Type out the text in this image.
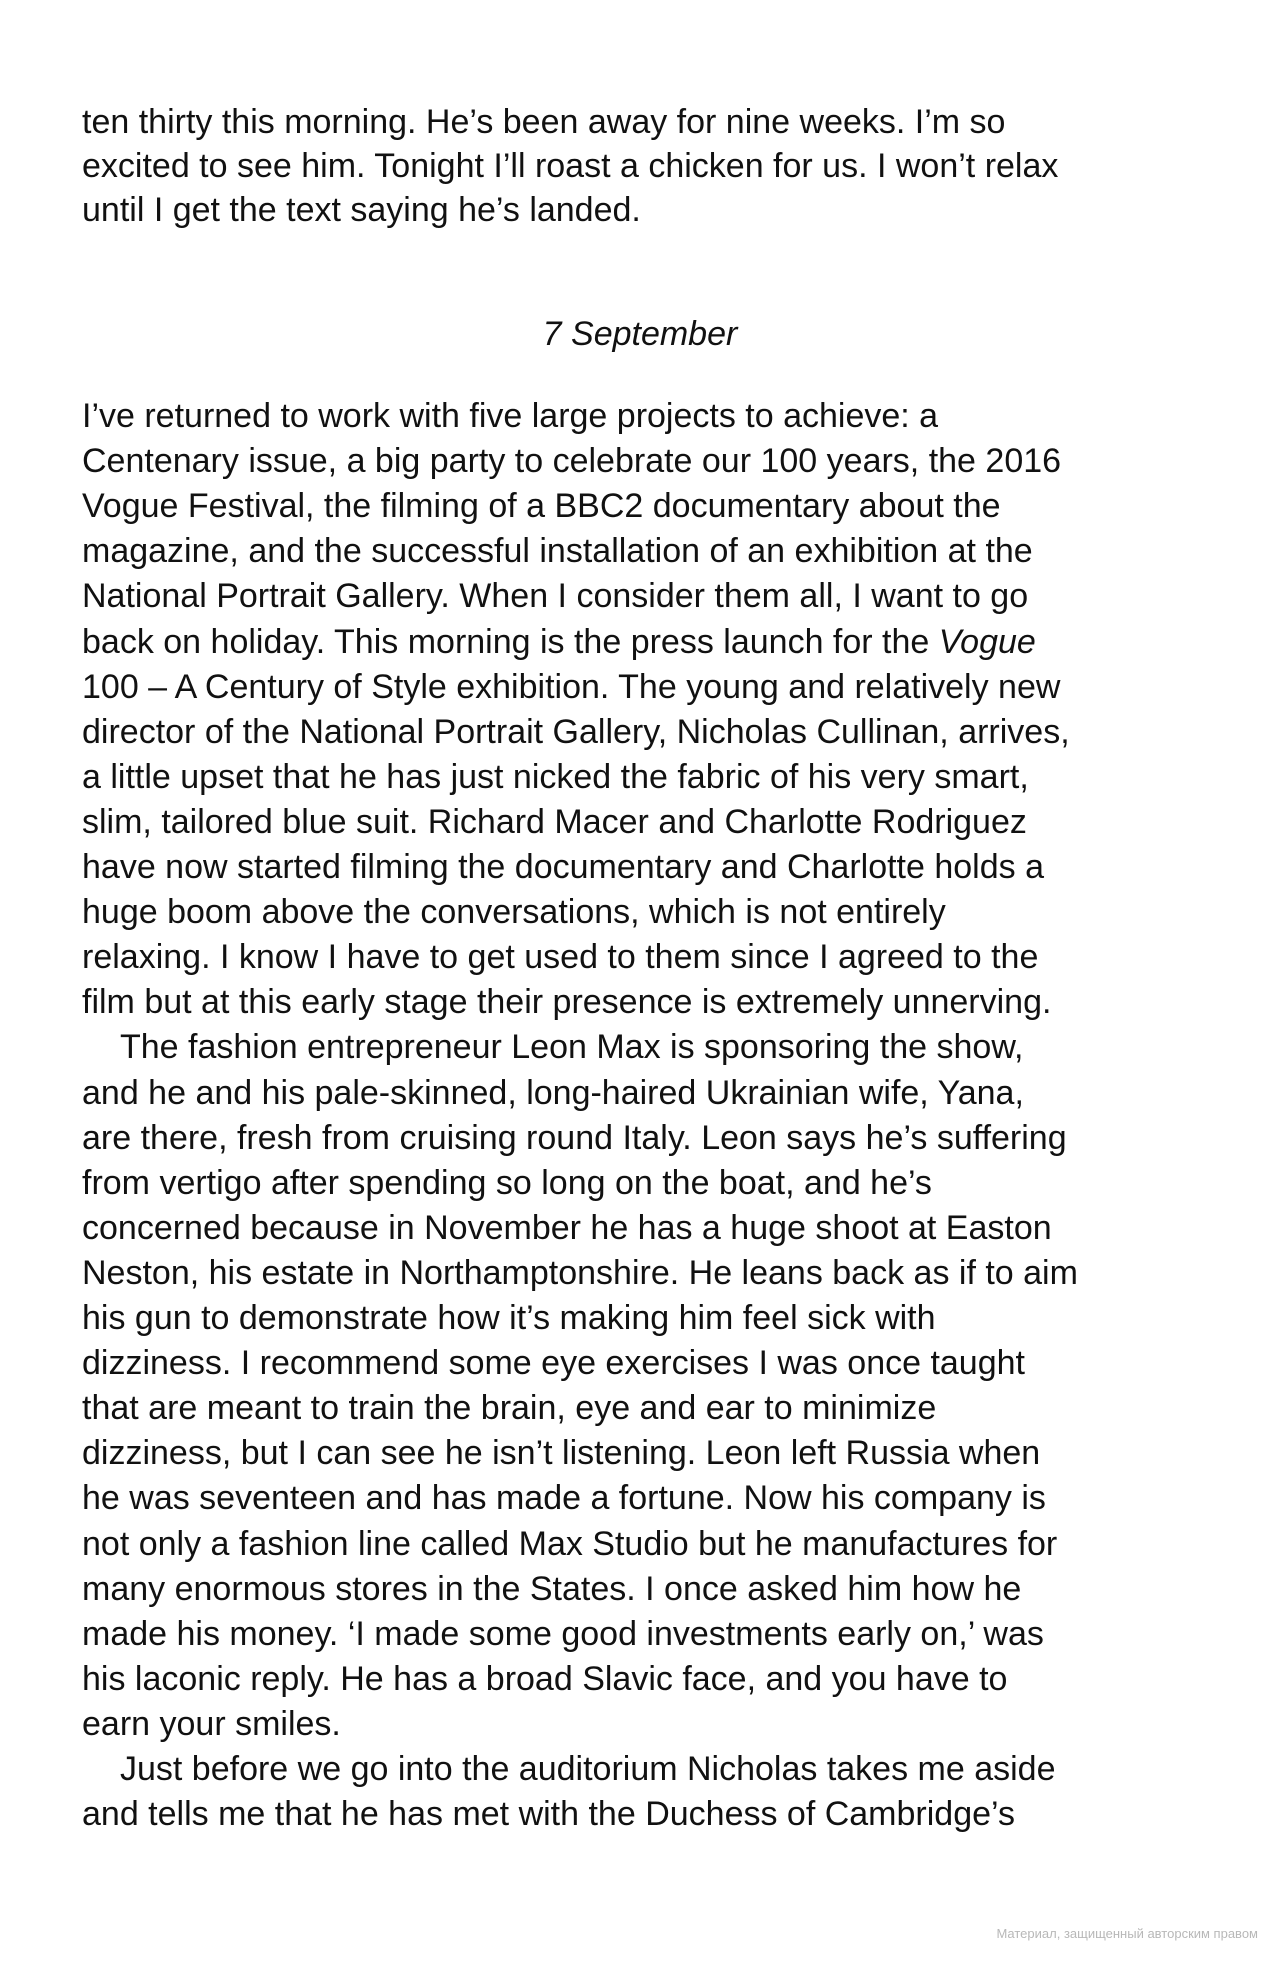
ten thirty this morning. He’s been away for nine weeks. I’m so
excited to see him. Tonight I’ll roast a chicken for us. I won’t relax
until I get the text saying he’s landed.
7 September
I’ve returned to work with five large projects to achieve: a
Centenary issue, a big party to celebrate our 100 years, the 2016
Vogue Festival, the filming of a BBC2 documentary about the
magazine, and the successful installation of an exhibition at the
National Portrait Gallery. When I consider them all, I want to go
back on holiday. This morning is the press launch for the Vogue
100 – A Century of Style exhibition. The young and relatively new
director of the National Portrait Gallery, Nicholas Cullinan, arrives,
a little upset that he has just nicked the fabric of his very smart,
slim, tailored blue suit. Richard Macer and Charlotte Rodriguez
have now started filming the documentary and Charlotte holds a
huge boom above the conversations, which is not entirely
relaxing. I know I have to get used to them since I agreed to the
film but at this early stage their presence is extremely unnerving.
The fashion entrepreneur Leon Max is sponsoring the show,
and he and his pale-skinned, long-haired Ukrainian wife, Yana,
are there, fresh from cruising round Italy. Leon says he’s suffering
from vertigo after spending so long on the boat, and he’s
concerned because in November he has a huge shoot at Easton
Neston, his estate in Northamptonshire. He leans back as if to aim
his gun to demonstrate how it’s making him feel sick with
dizziness. I recommend some eye exercises I was once taught
that are meant to train the brain, eye and ear to minimize
dizziness, but I can see he isn’t listening. Leon left Russia when
he was seventeen and has made a fortune. Now his company is
not only a fashion line called Max Studio but he manufactures for
many enormous stores in the States. I once asked him how he
made his money. ‘I made some good investments early on,’ was
his laconic reply. He has a broad Slavic face, and you have to
earn your smiles.
Just before we go into the auditorium Nicholas takes me aside
and tells me that he has met with the Duchess of Cambridge’s
Материал, защищенный авторским правом
